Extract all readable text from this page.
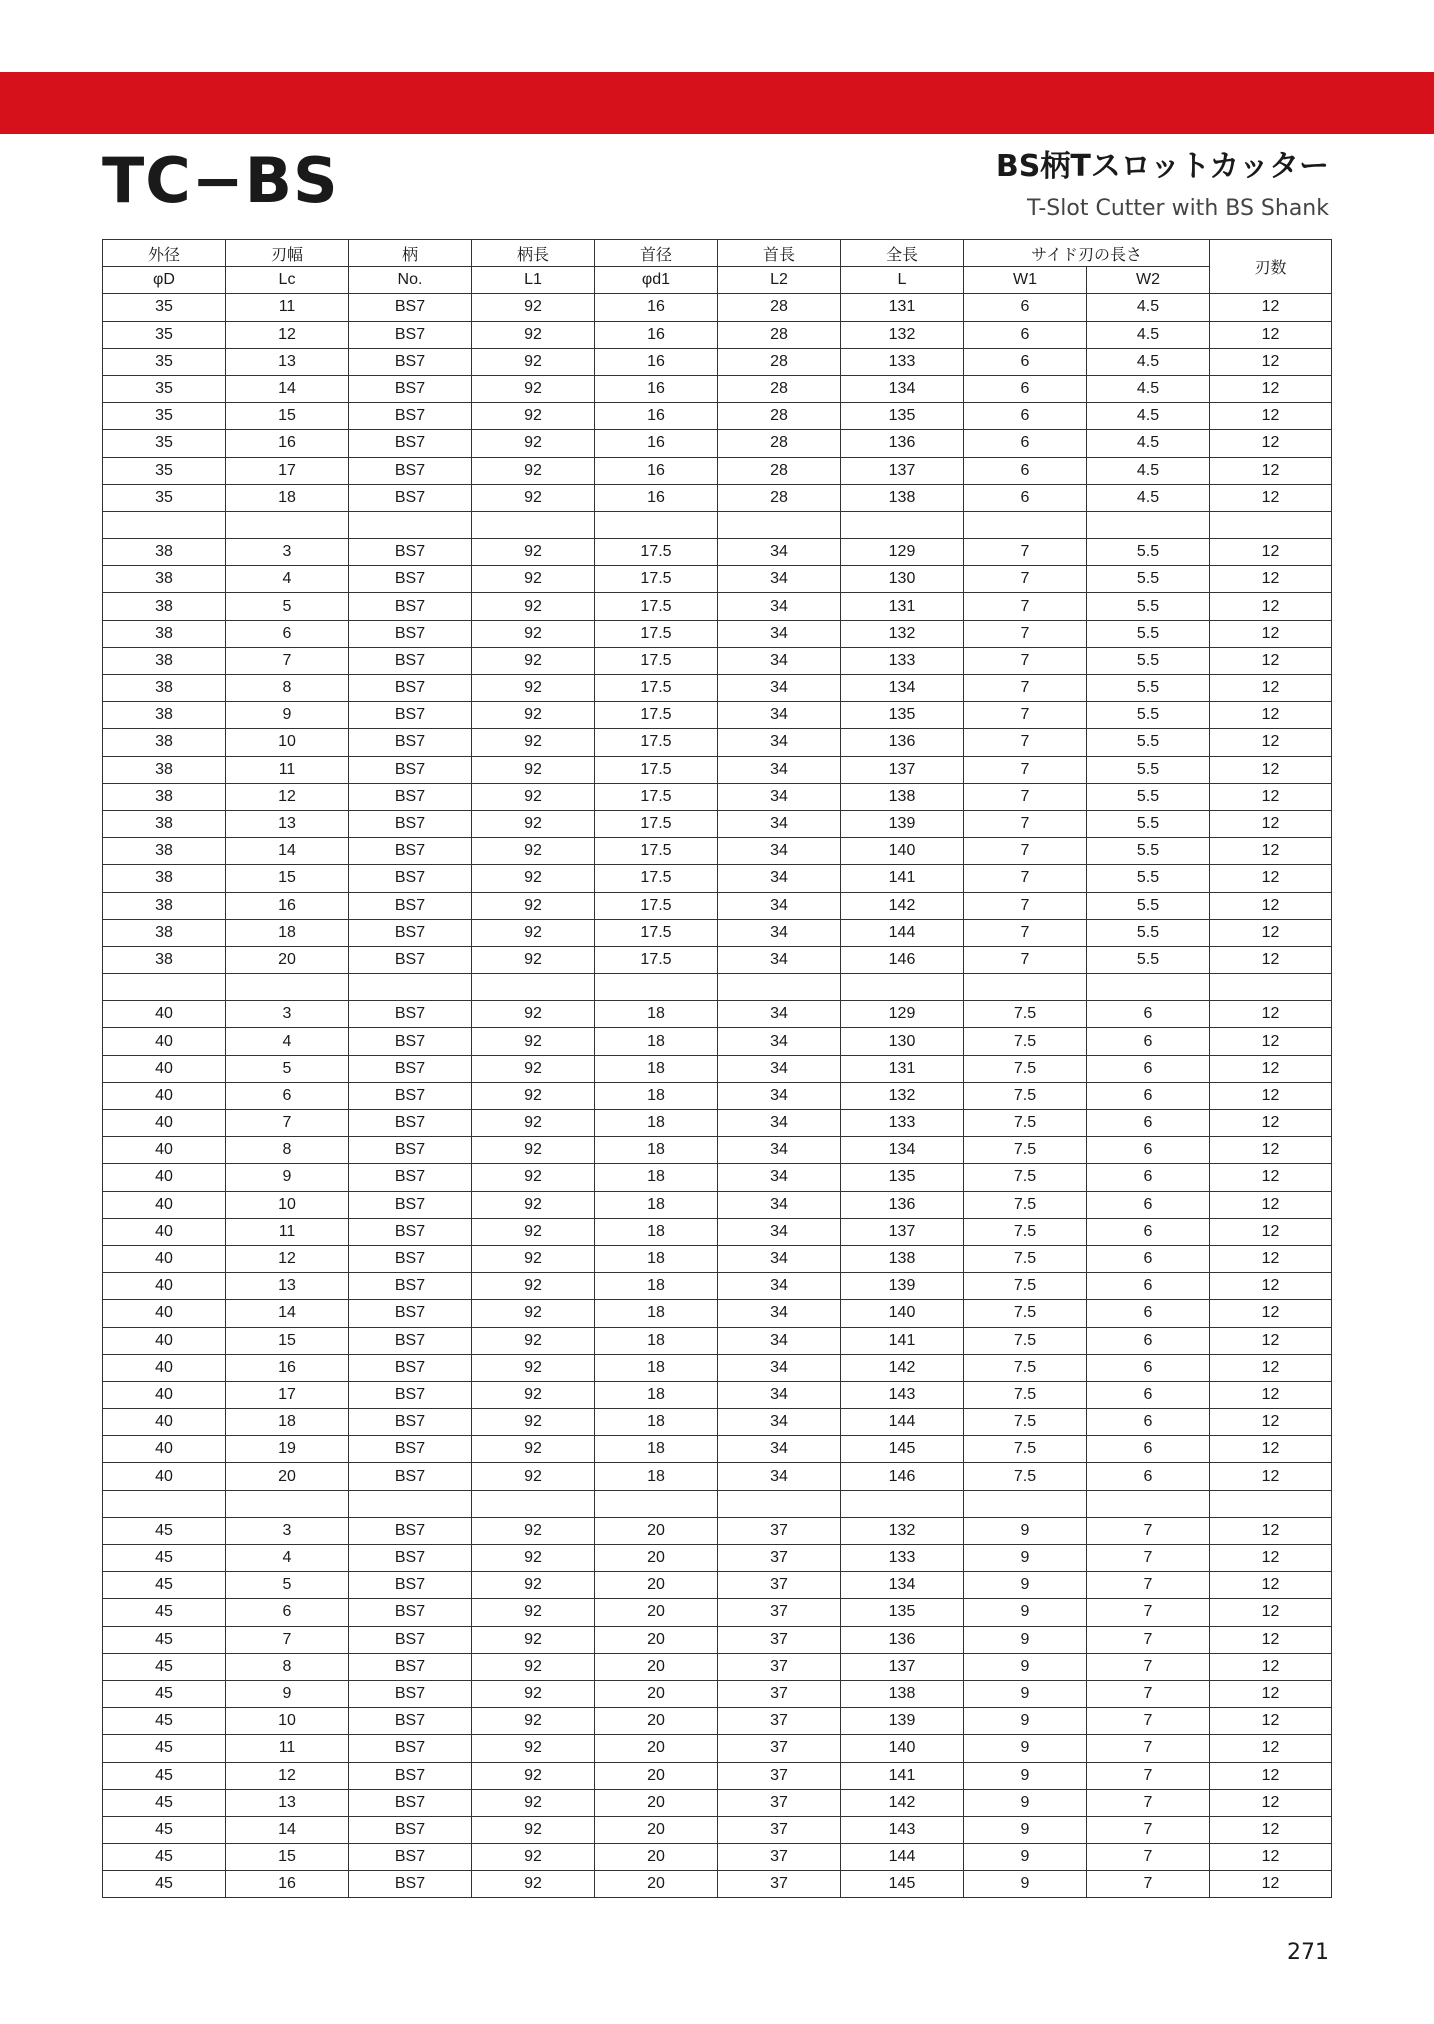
TC−BS	BS柄Tスロットカッター
T-Slot Cutter with BS Shank
外径	刃幅	柄	柄長	首径	首長	全長	サイド刃の長さ		刃数
φD	Lc	No.	L1	φd1	L2	L	W1	W2	
35	11	BS7	92	16	28	131	6	4.5	12
35	12	BS7	92	16	28	132	6	4.5	12
35	13	BS7	92	16	28	133	6	4.5	12
35	14	BS7	92	16	28	134	6	4.5	12
35	15	BS7	92	16	28	135	6	4.5	12
35	16	BS7	92	16	28	136	6	4.5	12
35	17	BS7	92	16	28	137	6	4.5	12
35	18	BS7	92	16	28	138	6	4.5	12

38	3	BS7	92	17.5	34	129	7	5.5	12
38	4	BS7	92	17.5	34	130	7	5.5	12
38	5	BS7	92	17.5	34	131	7	5.5	12
38	6	BS7	92	17.5	34	132	7	5.5	12
38	7	BS7	92	17.5	34	133	7	5.5	12
38	8	BS7	92	17.5	34	134	7	5.5	12
38	9	BS7	92	17.5	34	135	7	5.5	12
38	10	BS7	92	17.5	34	136	7	5.5	12
38	11	BS7	92	17.5	34	137	7	5.5	12
38	12	BS7	92	17.5	34	138	7	5.5	12
38	13	BS7	92	17.5	34	139	7	5.5	12
38	14	BS7	92	17.5	34	140	7	5.5	12
38	15	BS7	92	17.5	34	141	7	5.5	12
38	16	BS7	92	17.5	34	142	7	5.5	12
38	18	BS7	92	17.5	34	144	7	5.5	12
38	20	BS7	92	17.5	34	146	7	5.5	12

40	3	BS7	92	18	34	129	7.5	6	12
40	4	BS7	92	18	34	130	7.5	6	12
40	5	BS7	92	18	34	131	7.5	6	12
40	6	BS7	92	18	34	132	7.5	6	12
40	7	BS7	92	18	34	133	7.5	6	12
40	8	BS7	92	18	34	134	7.5	6	12
40	9	BS7	92	18	34	135	7.5	6	12
40	10	BS7	92	18	34	136	7.5	6	12
40	11	BS7	92	18	34	137	7.5	6	12
40	12	BS7	92	18	34	138	7.5	6	12
40	13	BS7	92	18	34	139	7.5	6	12
40	14	BS7	92	18	34	140	7.5	6	12
40	15	BS7	92	18	34	141	7.5	6	12
40	16	BS7	92	18	34	142	7.5	6	12
40	17	BS7	92	18	34	143	7.5	6	12
40	18	BS7	92	18	34	144	7.5	6	12
40	19	BS7	92	18	34	145	7.5	6	12
40	20	BS7	92	18	34	146	7.5	6	12

45	3	BS7	92	20	37	132	9	7	12
45	4	BS7	92	20	37	133	9	7	12
45	5	BS7	92	20	37	134	9	7	12
45	6	BS7	92	20	37	135	9	7	12
45	7	BS7	92	20	37	136	9	7	12
45	8	BS7	92	20	37	137	9	7	12
45	9	BS7	92	20	37	138	9	7	12
45	10	BS7	92	20	37	139	9	7	12
45	11	BS7	92	20	37	140	9	7	12
45	12	BS7	92	20	37	141	9	7	12
45	13	BS7	92	20	37	142	9	7	12
45	14	BS7	92	20	37	143	9	7	12
45	15	BS7	92	20	37	144	9	7	12
45	16	BS7	92	20	37	145	9	7	12
271
